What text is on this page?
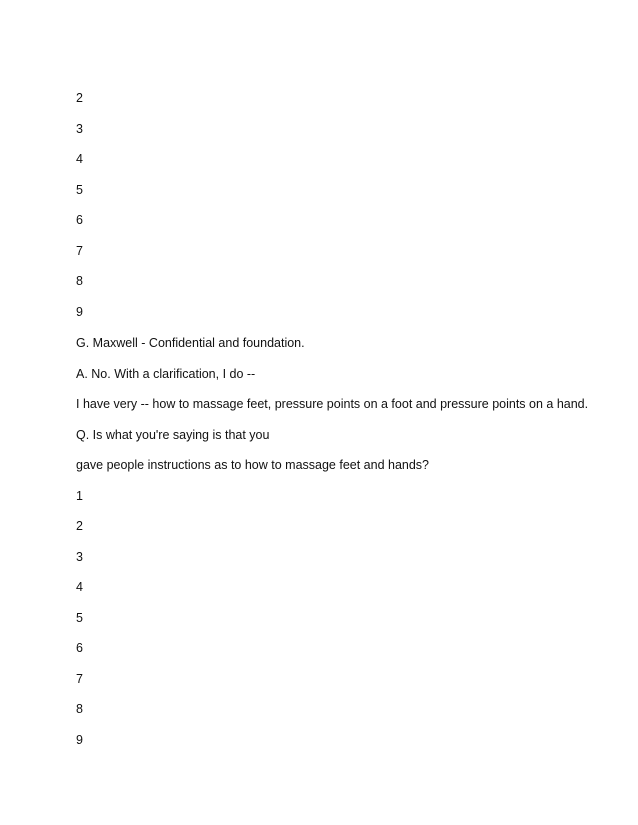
2
3
4
5
6
7
8
9
G. Maxwell - Confidential and foundation.
A. No. With a clarification, I do --
I have very -- how to massage feet, pressure points on a foot and pressure points on a hand.
Q. Is what you're saying is that you
gave people instructions as to how to massage feet and hands?
1
2
3
4
5
6
7
8
9
